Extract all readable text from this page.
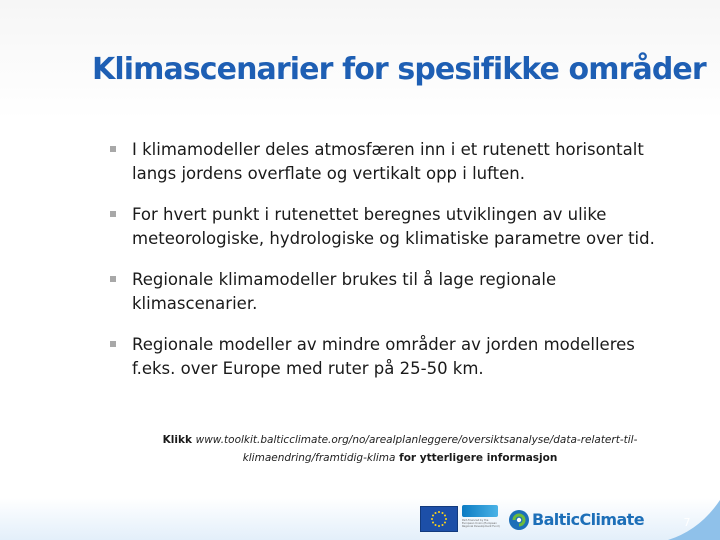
Klimascenarier for spesifikke områder
I klimamodeller deles atmosfæren inn i et rutenett horisontalt langs jordens overflate og vertikalt opp i luften.
For hvert punkt i rutenettet beregnes utviklingen av ulike meteorologiske, hydrologiske og klimatiske parametre over tid.
Regionale klimamodeller brukes til å lage regionale klimascenarier.
Regionale modeller av mindre områder av jorden modelleres f.eks. over Europe med ruter på 25-50 km.
Klikk www.toolkit.balticclimate.org/no/arealplanleggere/oversiktsanalyse/data-relatert-til-klimaendring/framtidig-klima for ytterligere informasjon
Part-financed by the European Union (European Regional Development Fund) BalticClimate	7
